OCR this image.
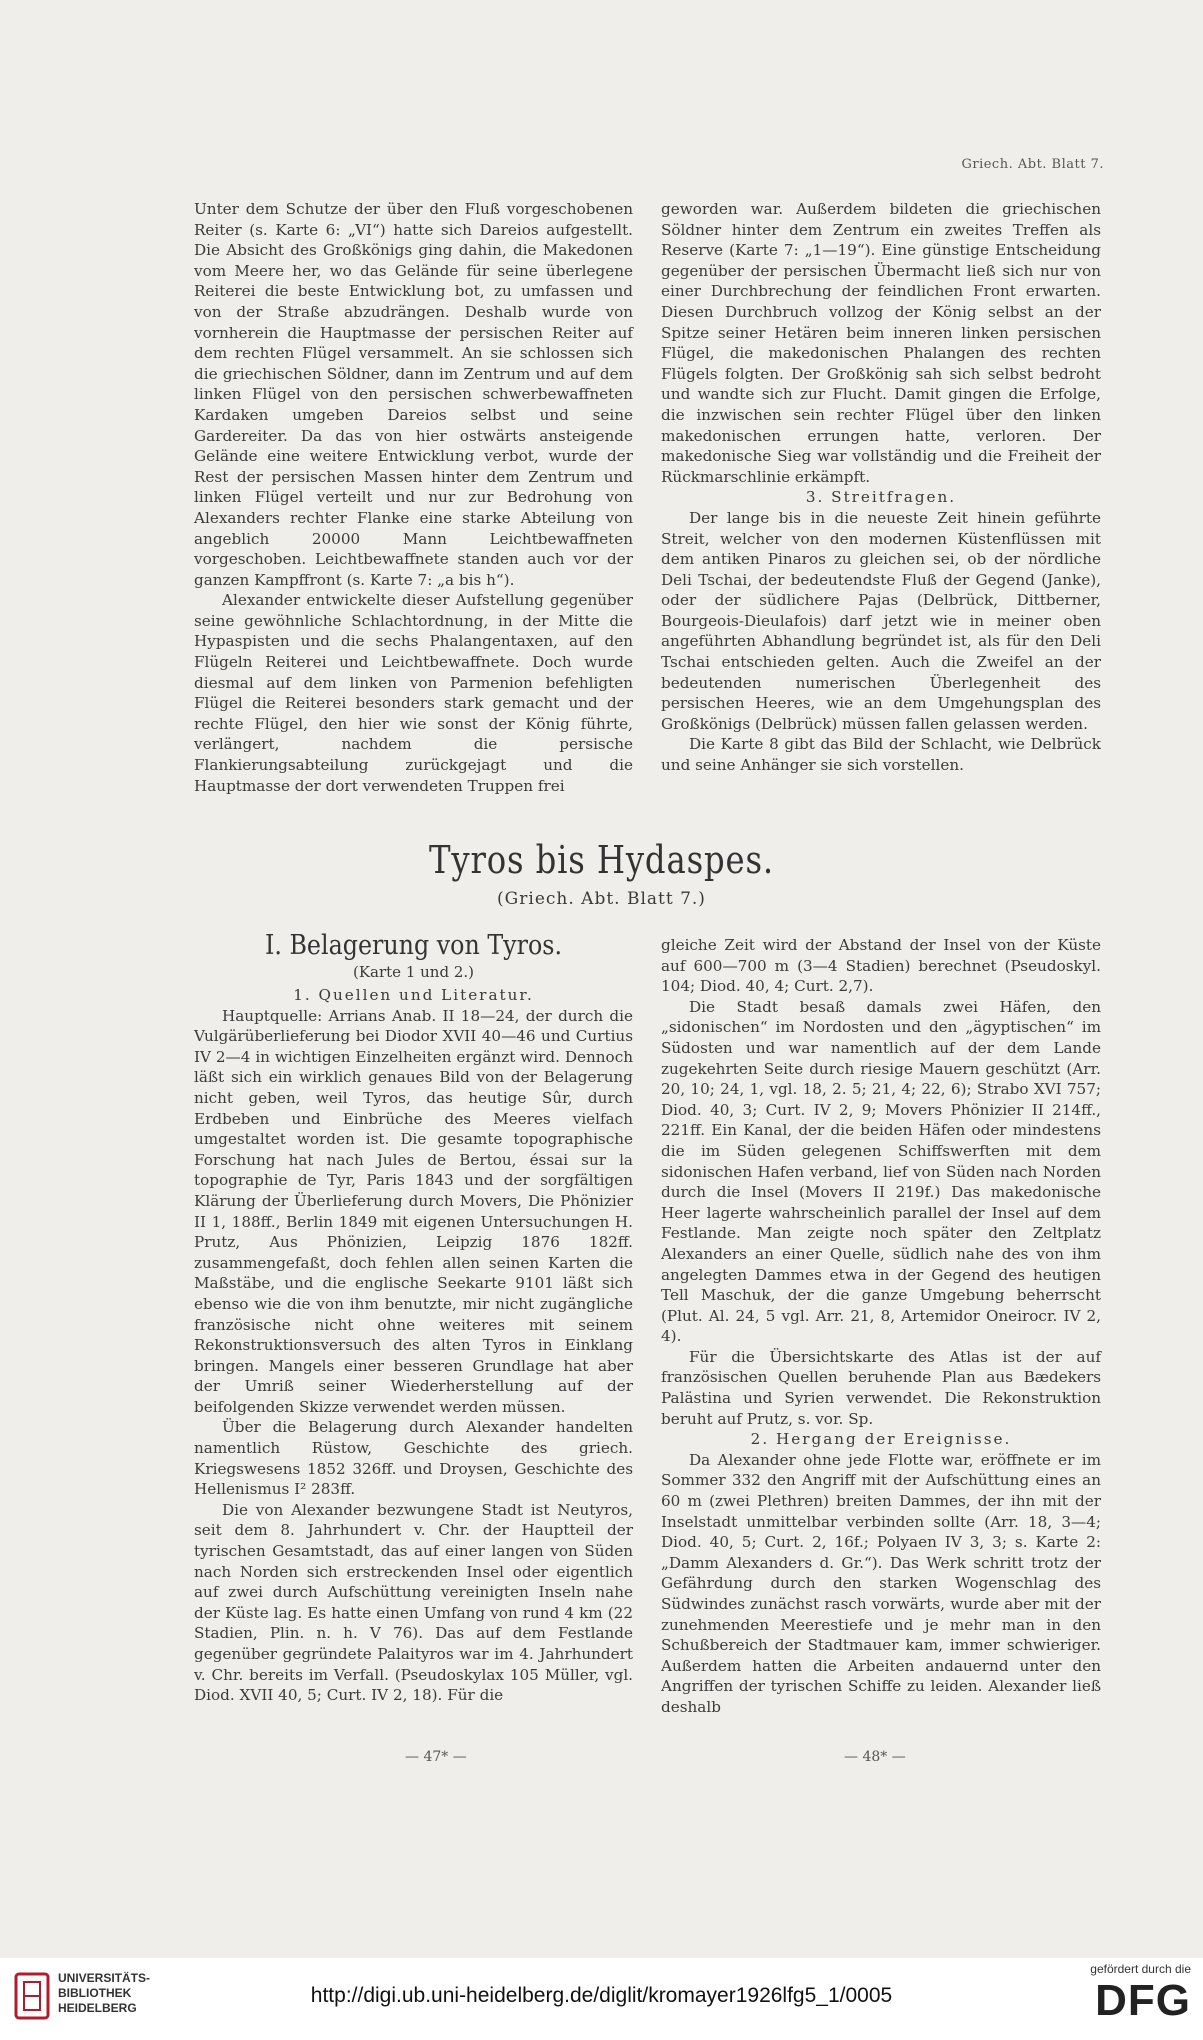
Griech. Abt. Blatt 7.

Unter dem Schutze der über den Fluß vorgeschobenen Reiter (s. Karte 6: „VI“) hatte sich Dareios aufgestellt. Die Absicht des Großkönigs ging dahin, die Makedonen vom Meere her, wo das Gelände für seine überlegene Reiterei die beste Entwicklung bot, zu umfassen und von der Straße abzudrängen. Deshalb wurde von vornherein die Hauptmasse der persischen Reiter auf dem rechten Flügel versammelt. An sie schlossen sich die griechischen Söldner, dann im Zentrum und auf dem linken Flügel von den persischen schwerbewaffneten Kardaken umgeben Dareios selbst und seine Gardereiter. Da das von hier ostwärts ansteigende Gelände eine weitere Entwicklung verbot, wurde der Rest der persischen Massen hinter dem Zentrum und linken Flügel verteilt und nur zur Bedrohung von Alexanders rechter Flanke eine starke Abteilung von angeblich 20000 Mann Leichtbewaffneten vorgeschoben. Leichtbewaffnete standen auch vor der ganzen Kampffront (s. Karte 7: „a bis h“).

Alexander entwickelte dieser Aufstellung gegenüber seine gewöhnliche Schlachtordnung, in der Mitte die Hypaspisten und die sechs Phalangentaxen, auf den Flügeln Reiterei und Leichtbewaffnete. Doch wurde diesmal auf dem linken von Parmenion befehligten Flügel die Reiterei besonders stark gemacht und der rechte Flügel, den hier wie sonst der König führte, verlängert, nachdem die persische Flankierungsabteilung zurückgejagt und die Hauptmasse der dort verwendeten Truppen frei

geworden war. Außerdem bildeten die griechischen Söldner hinter dem Zentrum ein zweites Treffen als Reserve (Karte 7: „1—19“). Eine günstige Entscheidung gegenüber der persischen Übermacht ließ sich nur von einer Durchbrechung der feindlichen Front erwarten. Diesen Durchbruch vollzog der König selbst an der Spitze seiner Hetären beim inneren linken persischen Flügel, die makedonischen Phalangen des rechten Flügels folgten. Der Großkönig sah sich selbst bedroht und wandte sich zur Flucht. Damit gingen die Erfolge, die inzwischen sein rechter Flügel über den linken makedonischen errungen hatte, verloren. Der makedonische Sieg war vollständig und die Freiheit der Rückmarschlinie erkämpft.

3. Streitfragen.

Der lange bis in die neueste Zeit hinein geführte Streit, welcher von den modernen Küstenflüssen mit dem antiken Pinaros zu gleichen sei, ob der nördliche Deli Tschai, der bedeutendste Fluß der Gegend (Janke), oder der südlichere Pajas (Delbrück, Dittberner, Bourgeois-Dieulafois) darf jetzt wie in meiner oben angeführten Abhandlung begründet ist, als für den Deli Tschai entschieden gelten. Auch die Zweifel an der bedeutenden numerischen Überlegenheit des persischen Heeres, wie an dem Umgehungsplan des Großkönigs (Delbrück) müssen fallen gelassen werden.

Die Karte 8 gibt das Bild der Schlacht, wie Delbrück und seine Anhänger sie sich vorstellen.

Tyros bis Hydaspes.
(Griech. Abt. Blatt 7.)
I. Belagerung von Tyros.
(Karte 1 und 2.)

1. Quellen und Literatur.

Hauptquelle: Arrians Anab. II 18—24, der durch die Vulgärüberlieferung bei Diodor XVII 40—46 und Curtius IV 2—4 in wichtigen Einzelheiten ergänzt wird. Dennoch läßt sich ein wirklich genaues Bild von der Belagerung nicht geben, weil Tyros, das heutige Sûr, durch Erdbeben und Einbrüche des Meeres vielfach umgestaltet worden ist. Die gesamte topographische Forschung hat nach Jules de Bertou, éssai sur la topographie de Tyr, Paris 1843 und der sorgfältigen Klärung der Überlieferung durch Movers, Die Phönizier II 1, 188ff., Berlin 1849 mit eigenen Untersuchungen H. Prutz, Aus Phönizien, Leipzig 1876 182ff. zusammengefaßt, doch fehlen allen seinen Karten die Maßstäbe, und die englische Seekarte 9101 läßt sich ebenso wie die von ihm benutzte, mir nicht zugängliche französische nicht ohne weiteres mit seinem Rekonstruktionsversuch des alten Tyros in Einklang bringen. Mangels einer besseren Grundlage hat aber der Umriß seiner Wiederherstellung auf der beifolgenden Skizze verwendet werden müssen.

Über die Belagerung durch Alexander handelten namentlich Rüstow, Geschichte des griech. Kriegswesens 1852 326ff. und Droysen, Geschichte des Hellenismus I² 283ff.

Die von Alexander bezwungene Stadt ist Neutyros, seit dem 8. Jahrhundert v. Chr. der Hauptteil der tyrischen Gesamtstadt, das auf einer langen von Süden nach Norden sich erstreckenden Insel oder eigentlich auf zwei durch Aufschüttung vereinigten Inseln nahe der Küste lag. Es hatte einen Umfang von rund 4 km (22 Stadien, Plin. n. h. V 76). Das auf dem Festlande gegenüber gegründete Palaityros war im 4. Jahrhundert v. Chr. bereits im Verfall. (Pseudoskylax 105 Müller, vgl. Diod. XVII 40, 5; Curt. IV 2, 18). Für die

gleiche Zeit wird der Abstand der Insel von der Küste auf 600—700 m (3—4 Stadien) berechnet (Pseudoskyl. 104; Diod. 40, 4; Curt. 2,7).

Die Stadt besaß damals zwei Häfen, den „sidonischen“ im Nordosten und den „ägyptischen“ im Südosten und war namentlich auf der dem Lande zugekehrten Seite durch riesige Mauern geschützt (Arr. 20, 10; 24, 1, vgl. 18, 2. 5; 21, 4; 22, 6); Strabo XVI 757; Diod. 40, 3; Curt. IV 2, 9; Movers Phönizier II 214ff., 221ff. Ein Kanal, der die beiden Häfen oder mindestens die im Süden gelegenen Schiffswerften mit dem sidonischen Hafen verband, lief von Süden nach Norden durch die Insel (Movers II 219f.) Das makedonische Heer lagerte wahrscheinlich parallel der Insel auf dem Festlande. Man zeigte noch später den Zeltplatz Alexanders an einer Quelle, südlich nahe des von ihm angelegten Dammes etwa in der Gegend des heutigen Tell Maschuk, der die ganze Umgebung beherrscht (Plut. Al. 24, 5 vgl. Arr. 21, 8, Artemidor Oneirocr. IV 2, 4).

Für die Übersichtskarte des Atlas ist der auf französischen Quellen beruhende Plan aus Bædekers Palästina und Syrien verwendet. Die Rekonstruktion beruht auf Prutz, s. vor. Sp.

2. Hergang der Ereignisse.

Da Alexander ohne jede Flotte war, eröffnete er im Sommer 332 den Angriff mit der Aufschüttung eines an 60 m (zwei Plethren) breiten Dammes, der ihn mit der Inselstadt unmittelbar verbinden sollte (Arr. 18, 3—4; Diod. 40, 5; Curt. 2, 16f.; Polyaen IV 3, 3; s. Karte 2: „Damm Alexanders d. Gr.“). Das Werk schritt trotz der Gefährdung durch den starken Wogenschlag des Südwindes zunächst rasch vorwärts, wurde aber mit der zunehmenden Meerestiefe und je mehr man in den Schußbereich der Stadtmauer kam, immer schwieriger. Außerdem hatten die Arbeiten andauernd unter den Angriffen der tyrischen Schiffe zu leiden. Alexander ließ deshalb

— 47* —	— 48* —
UNIVERSITÄTS-
BIBLIOTHEK
HEIDELBERG
http://digi.ub.uni-heidelberg.de/diglit/kromayer1926lfg5_1/0005
gefördert durch die
DFG
